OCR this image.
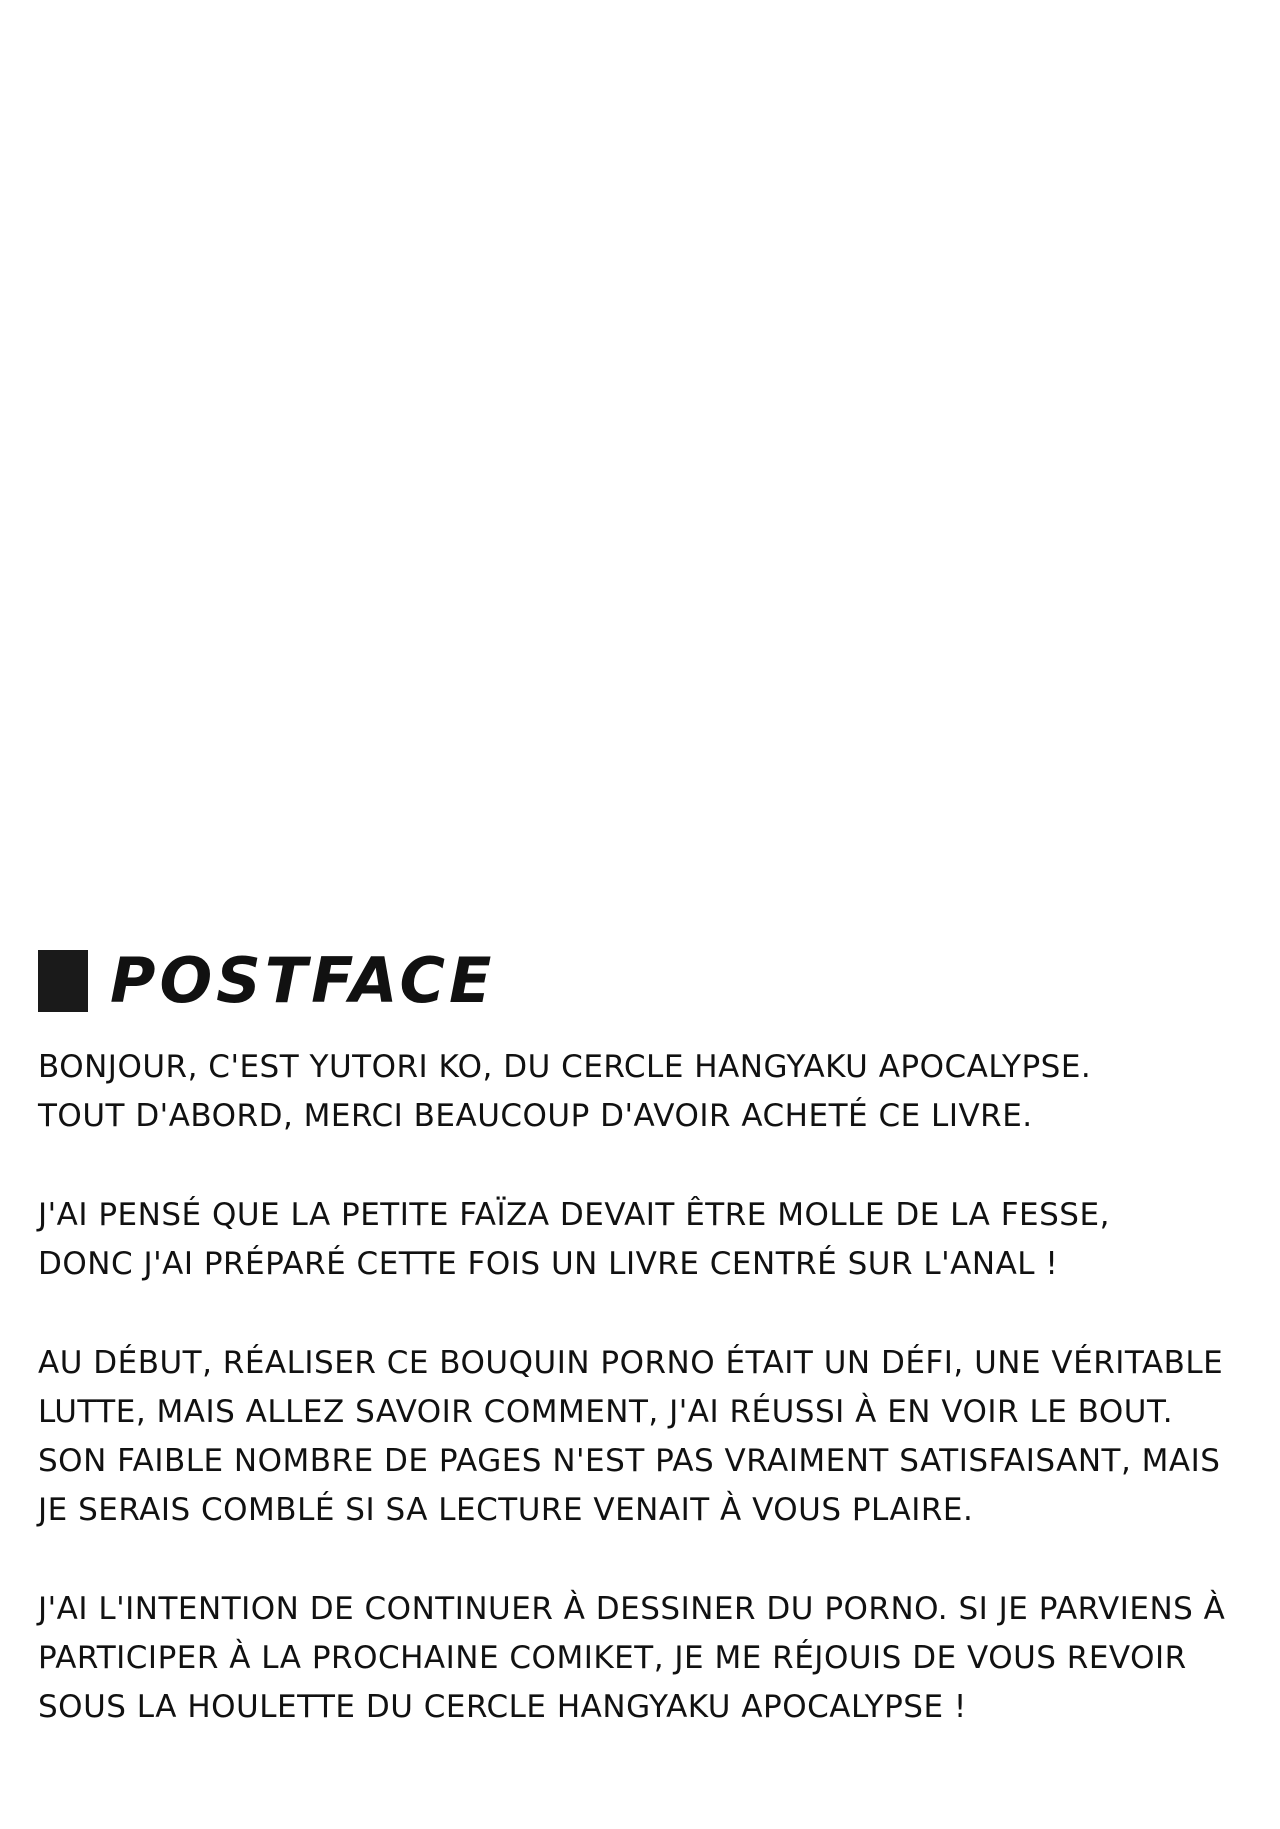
POSTFACE
BONJOUR, C'EST YUTORI KO, DU CERCLE HANGYAKU APOCALYPSE.
TOUT D'ABORD, MERCI BEAUCOUP D'AVOIR ACHETÉ CE LIVRE.
J'AI PENSÉ QUE LA PETITE FAÏZA DEVAIT ÊTRE MOLLE DE LA FESSE,
DONC J'AI PRÉPARÉ CETTE FOIS UN LIVRE CENTRÉ SUR L'ANAL !
AU DÉBUT, RÉALISER CE BOUQUIN PORNO ÉTAIT UN DÉFI, UNE VÉRITABLE
LUTTE, MAIS ALLEZ SAVOIR COMMENT, J'AI RÉUSSI À EN VOIR LE BOUT.
SON FAIBLE NOMBRE DE PAGES N'EST PAS VRAIMENT SATISFAISANT, MAIS
JE SERAIS COMBLÉ SI SA LECTURE VENAIT À VOUS PLAIRE.
J'AI L'INTENTION DE CONTINUER À DESSINER DU PORNO. SI JE PARVIENS À
PARTICIPER À LA PROCHAINE COMIKET, JE ME RÉJOUIS DE VOUS REVOIR
SOUS LA HOULETTE DU CERCLE HANGYAKU APOCALYPSE !
